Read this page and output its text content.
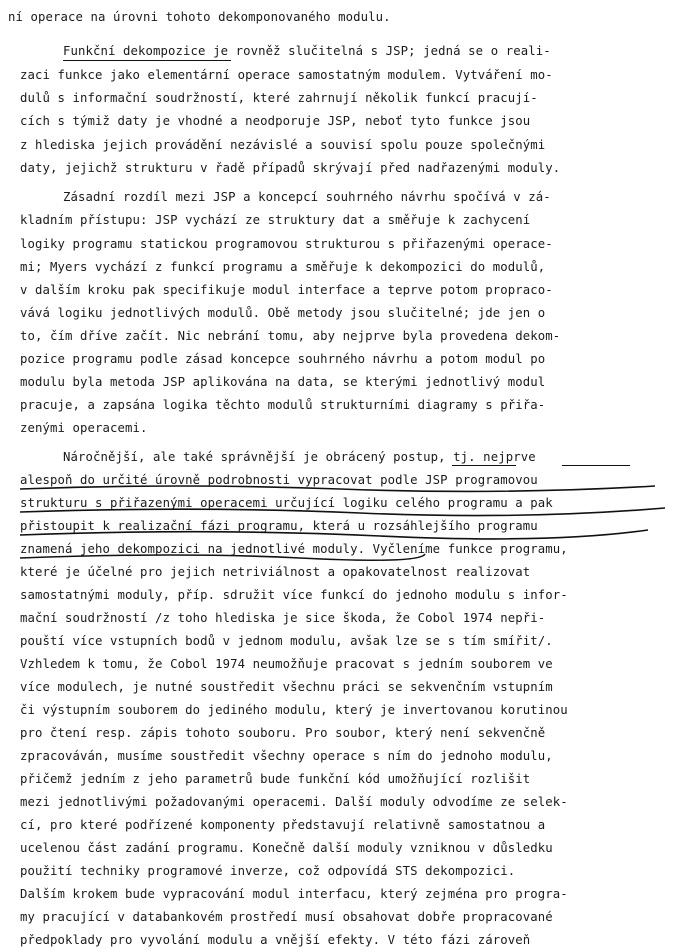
ní operace na úrovni tohoto dekomponovaného modulu.
Funkční dekompozice je rovněž slučitelná s JSP; jedná se o reali-
zaci funkce jako elementární operace samostatným modulem. Vytváření mo-
dulů s informační soudržností, které zahrnují několik funkcí pracují-
cích s týmiž daty je vhodné a neodporuje JSP, neboť tyto funkce jsou
z hlediska jejich provádění nezávislé a souvisí spolu pouze společnými
daty, jejichž strukturu v řadě případů skrývají před nadřazenými moduly.
Zásadní rozdíl mezi JSP a koncepcí souhrného návrhu spočívá v zá-
kladním přístupu: JSP vychází ze struktury dat a směřuje k zachycení
logiky programu statickou programovou strukturou s přiřazenými operace-
mi; Myers vychází z funkcí programu a směřuje k dekompozici do modulů,
v dalším kroku pak specifikuje modul interface a teprve potom propraco-
vává logiku jednotlivých modulů. Obě metody jsou slučitelné; jde jen o
to, čím dříve začít. Nic nebrání tomu, aby nejprve byla provedena dekom-
pozice programu podle zásad koncepce souhrného návrhu a potom modul po
modulu byla metoda JSP aplikována na data, se kterými jednotlivý modul
pracuje, a zapsána logika těchto modulů strukturními diagramy s přiřa-
zenými operacemi.
Náročnější, ale také správnější je obrácený postup, tj. nejprve
alespoň do určité úrovně podrobnosti vypracovat podle JSP programovou
strukturu s přiřazenými operacemi určující logiku celého programu a pak
přistoupit k realizační fázi programu, která u rozsáhlejšího programu
znamená jeho dekompozici na jednotlivé moduly. Vyčleníme funkce programu,
které je účelné pro jejich netriviálnost a opakovatelnost realizovat
samostatnými moduly, příp. sdružit více funkcí do jednoho modulu s infor-
mační soudržností /z toho hlediska je sice škoda, že Cobol 1974 nepři-
pouští více vstupních bodů v jednom modulu, avšak lze se s tím smířit/.
Vzhledem k tomu, že Cobol 1974 neumožňuje pracovat s jedním souborem ve
více modulech, je nutné soustředit všechnu práci se sekvenčním vstupním
či výstupním souborem do jediného modulu, který je invertovanou korutinou
pro čtení resp. zápis tohoto souboru. Pro soubor, který není sekvenčně
zpracováván, musíme soustředit všechny operace s ním do jednoho modulu,
přičemž jedním z jeho parametrů bude funkční kód umožňující rozlišit
mezi jednotlivými požadovanými operacemi. Další moduly odvodíme ze selek-
cí, pro které podřízené komponenty představují relativně samostatnou a
ucelenou část zadání programu. Konečně další moduly vzniknou v důsledku
použití techniky programové inverze, což odpovídá STS dekompozici.
Dalším krokem bude vypracování modul interfacu, který zejména pro progra-
my pracující v databankovém prostředí musí obsahovat dobře propracované
předpoklady pro vyvolání modulu a vnější efekty. V této fázi zároveň
